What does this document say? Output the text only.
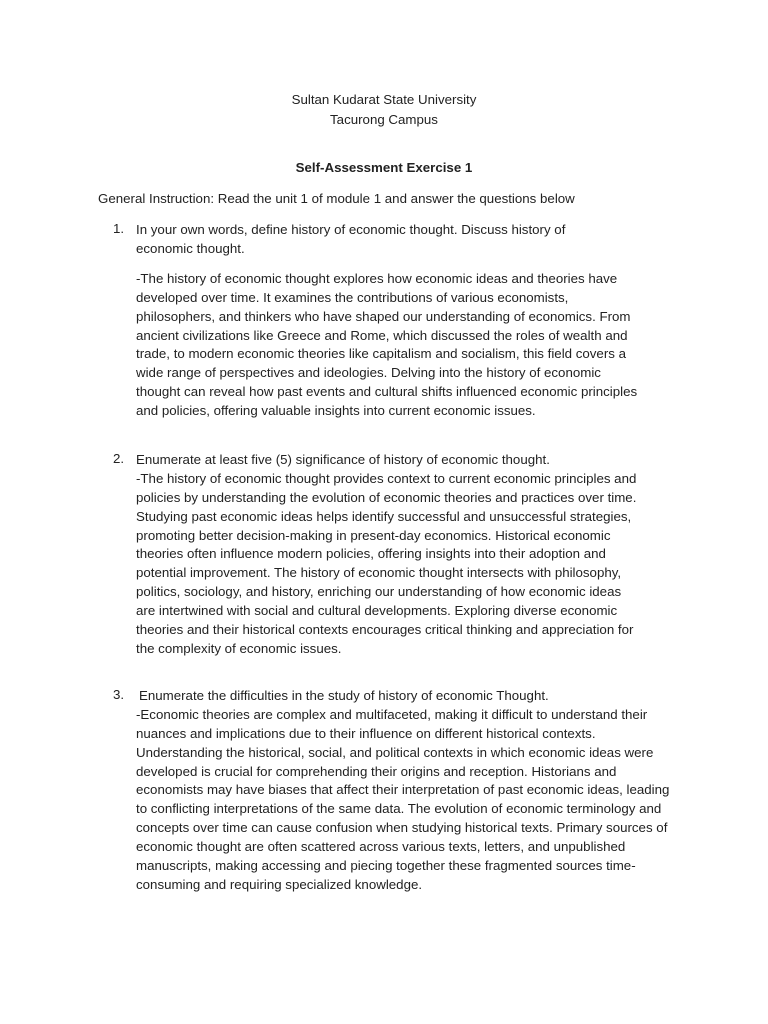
Sultan Kudarat State University
Tacurong Campus
Self-Assessment Exercise 1
General Instruction: Read the unit 1 of module 1 and answer the questions below
1. In your own words, define history of economic thought. Discuss history of economic thought.
-The history of economic thought explores how economic ideas and theories have developed over time. It examines the contributions of various economists, philosophers, and thinkers who have shaped our understanding of economics. From ancient civilizations like Greece and Rome, which discussed the roles of wealth and trade, to modern economic theories like capitalism and socialism, this field covers a wide range of perspectives and ideologies. Delving into the history of economic thought can reveal how past events and cultural shifts influenced economic principles and policies, offering valuable insights into current economic issues.
2. Enumerate at least five (5) significance of history of economic thought.
-The history of economic thought provides context to current economic principles and policies by understanding the evolution of economic theories and practices over time. Studying past economic ideas helps identify successful and unsuccessful strategies, promoting better decision-making in present-day economics. Historical economic theories often influence modern policies, offering insights into their adoption and potential improvement. The history of economic thought intersects with philosophy, politics, sociology, and history, enriching our understanding of how economic ideas are intertwined with social and cultural developments. Exploring diverse economic theories and their historical contexts encourages critical thinking and appreciation for the complexity of economic issues.
3. Enumerate the difficulties in the study of history of economic Thought.
-Economic theories are complex and multifaceted, making it difficult to understand their nuances and implications due to their influence on different historical contexts. Understanding the historical, social, and political contexts in which economic ideas were developed is crucial for comprehending their origins and reception. Historians and economists may have biases that affect their interpretation of past economic ideas, leading to conflicting interpretations of the same data. The evolution of economic terminology and concepts over time can cause confusion when studying historical texts. Primary sources of economic thought are often scattered across various texts, letters, and unpublished manuscripts, making accessing and piecing together these fragmented sources time-consuming and requiring specialized knowledge.
